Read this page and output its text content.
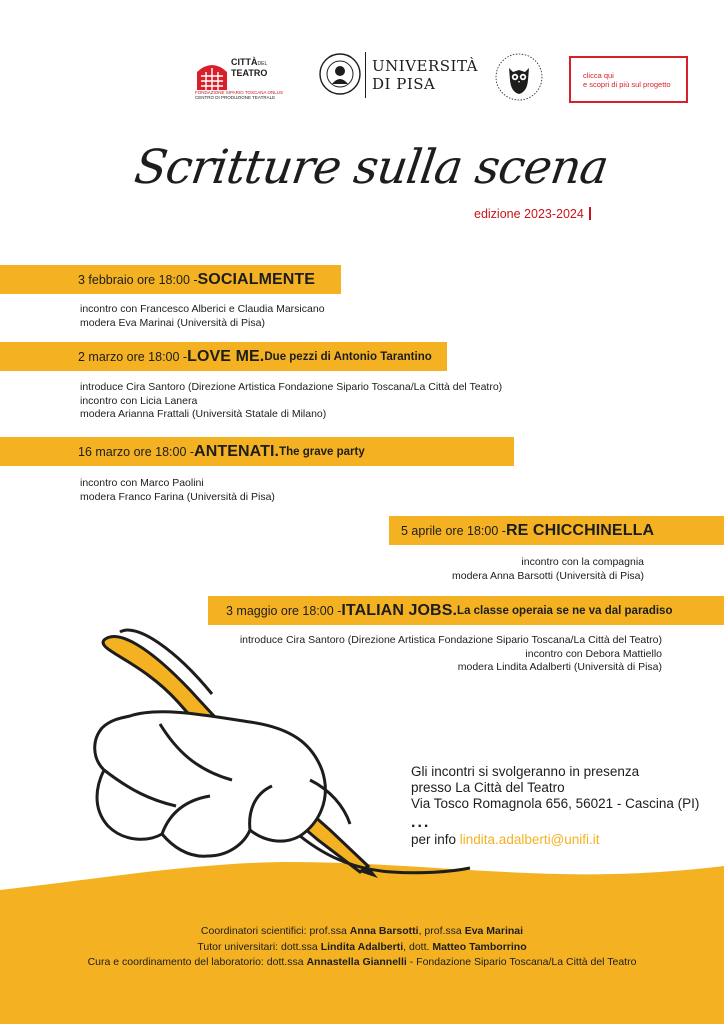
CITTÀDEL
TEATRO
FONDAZIONE SIPARIO TOSCANA ONLUS
CENTRO DI PRODUZIONE TEATRALE
UNIVERSITÀ
DI PISA	clicca qui
e scopri di più sul progetto
Scritture sulla scena
edizione 2023-2024
3 febbraio ore 18:00 - SOCIALMENTE
incontro con Francesco Alberici e Claudia Marsicano
modera Eva Marinai (Università di Pisa)
2 marzo ore 18:00 - LOVE ME. Due pezzi di Antonio Tarantino
introduce Cira Santoro (Direzione Artistica Fondazione Sipario Toscana/La Città del Teatro)
incontro con Licia Lanera
modera Arianna Frattali (Università Statale di Milano)
16 marzo ore 18:00 - ANTENATI. The grave party
incontro con Marco Paolini
modera Franco Farina (Università di Pisa)
5 aprile ore 18:00 - RE CHICCHINELLA
incontro con la compagnia
modera Anna Barsotti (Università di Pisa)
3 maggio ore 18:00 - ITALIAN JOBS. La classe operaia se ne va dal paradiso
introduce Cira Santoro (Direzione Artistica Fondazione Sipario Toscana/La Città del Teatro)
incontro con Debora Mattiello
modera Lindita Adalberti (Università di Pisa)
Gli incontri si svolgeranno in presenza
presso La Città del Teatro
Via Tosco Romagnola 656, 56021 - Cascina (PI)
...
per info lindita.adalberti@unifi.it
Coordinatori scientifici: prof.ssa Anna Barsotti, prof.ssa Eva Marinai
Tutor universitari: dott.ssa Lindita Adalberti, dott. Matteo Tamborrino
Cura e coordinamento del laboratorio: dott.ssa Annastella Giannelli - Fondazione Sipario Toscana/La Città del Teatro
